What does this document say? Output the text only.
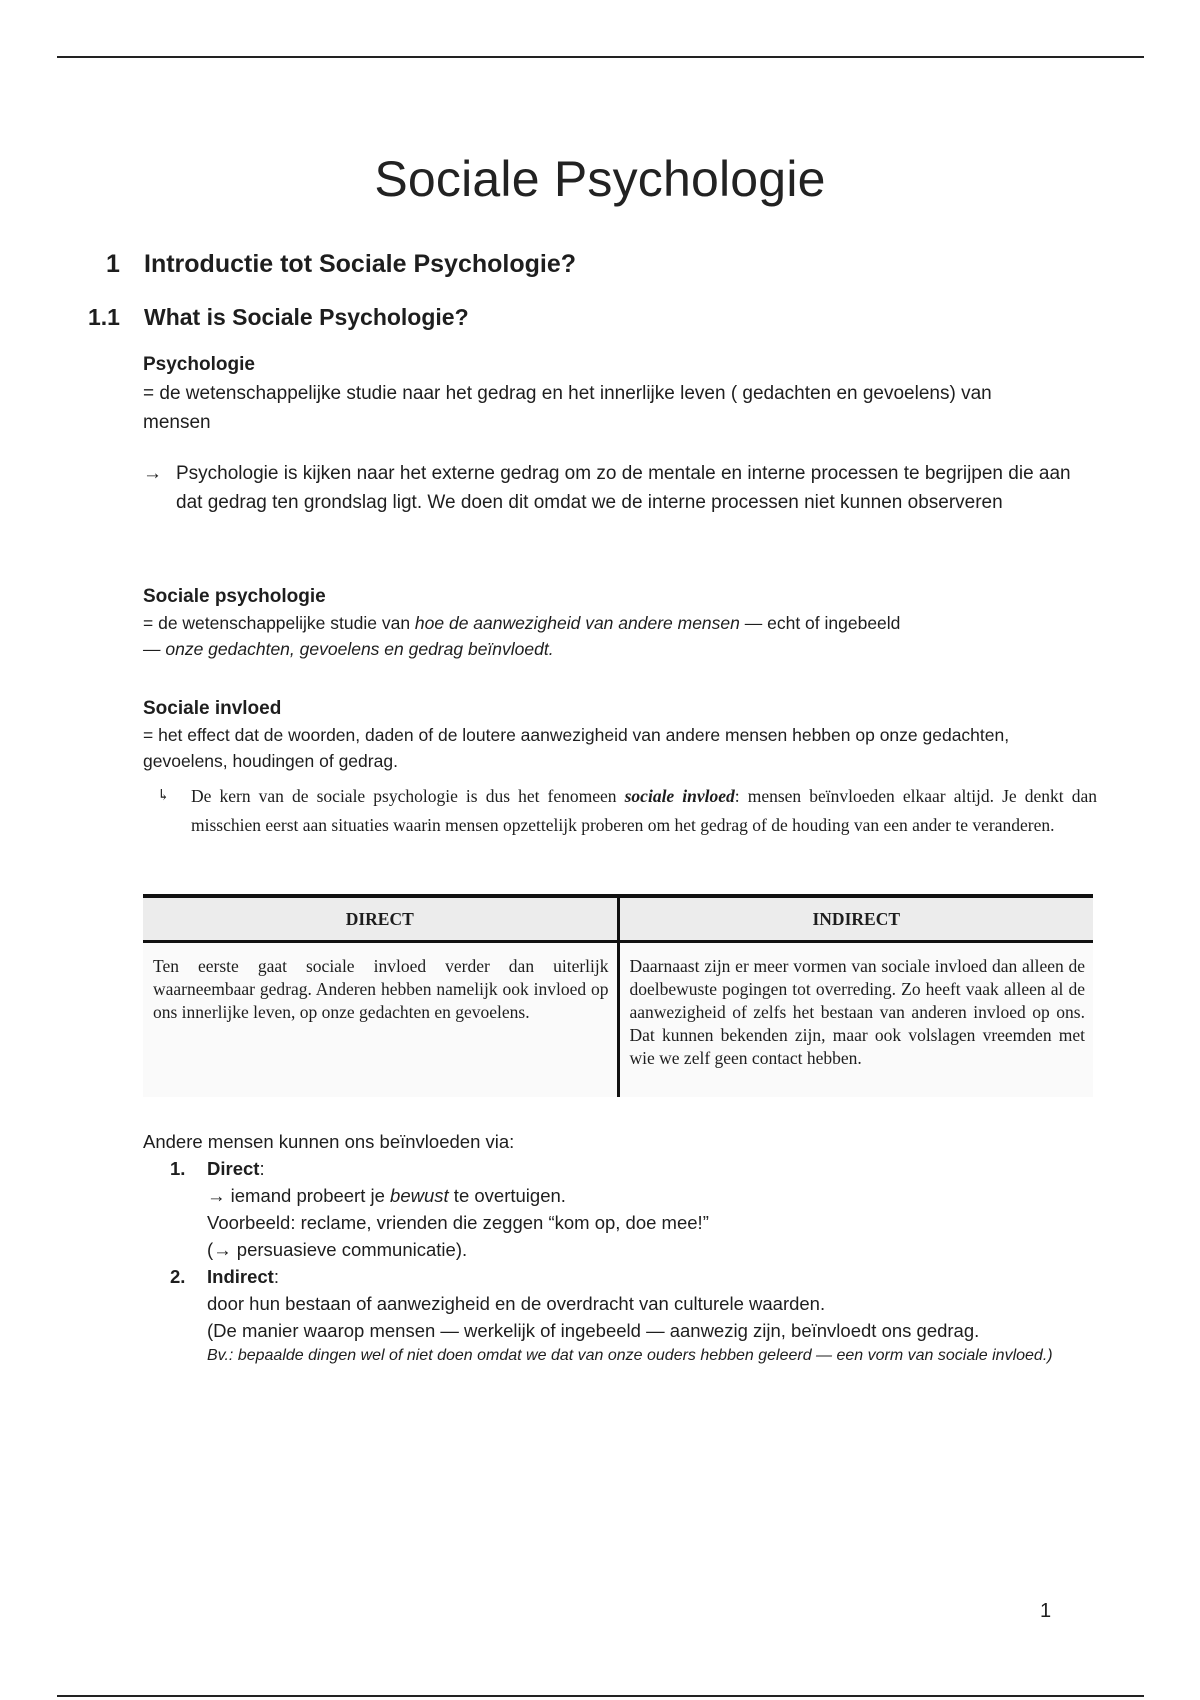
Sociale Psychologie
1 Introductie tot Sociale Psychologie?
1.1 What is Sociale Psychologie?

Psychologie

= de wetenschappelijke studie naar het gedrag en het innerlijke leven ( gedachten en gevoelens) van mensen

→ Psychologie is kijken naar het externe gedrag om zo de mentale en interne processen te begrijpen die aan dat gedrag ten grondslag ligt. We doen dit omdat we de interne processen niet kunnen observeren

Sociale psychologie

= de wetenschappelijke studie van hoe de aanwezigheid van andere mensen — echt of ingebeeld
— onze gedachten, gevoelens en gedrag beïnvloedt.

Sociale invloed

= het effect dat de woorden, daden of de loutere aanwezigheid van andere mensen hebben op onze gedachten, gevoelens, houdingen of gedrag.

↳ De kern van de sociale psychologie is dus het fenomeen sociale invloed: mensen beïnvloeden elkaar altijd. Je denkt dan misschien eerst aan situaties waarin mensen opzettelijk proberen om het gedrag of de houding van een ander te veranderen.

DIRECT	INDIRECT
Ten eerste gaat sociale invloed verder dan uiterlijk waarneembaar gedrag. Anderen hebben namelijk ook invloed op ons innerlijke leven, op onze gedachten en gevoelens.	Daarnaast zijn er meer vormen van sociale invloed dan alleen de doelbewuste pogingen tot overreding. Zo heeft vaak alleen al de aanwezigheid of zelfs het bestaan van anderen invloed op ons. Dat kunnen bekenden zijn, maar ook volslagen vreemden met wie we zelf geen contact hebben.

Andere mensen kunnen ons beïnvloeden via:

1. Direct:

→ iemand probeert je bewust te overtuigen.

Voorbeeld: reclame, vrienden die zeggen “kom op, doe mee!”

(→ persuasieve communicatie).

2. Indirect:

door hun bestaan of aanwezigheid en de overdracht van culturele waarden.

(De manier waarop mensen — werkelijk of ingebeeld — aanwezig zijn, beïnvloedt ons gedrag.

Bv.: bepaalde dingen wel of niet doen omdat we dat van onze ouders hebben geleerd — een vorm van sociale invloed.)

1
